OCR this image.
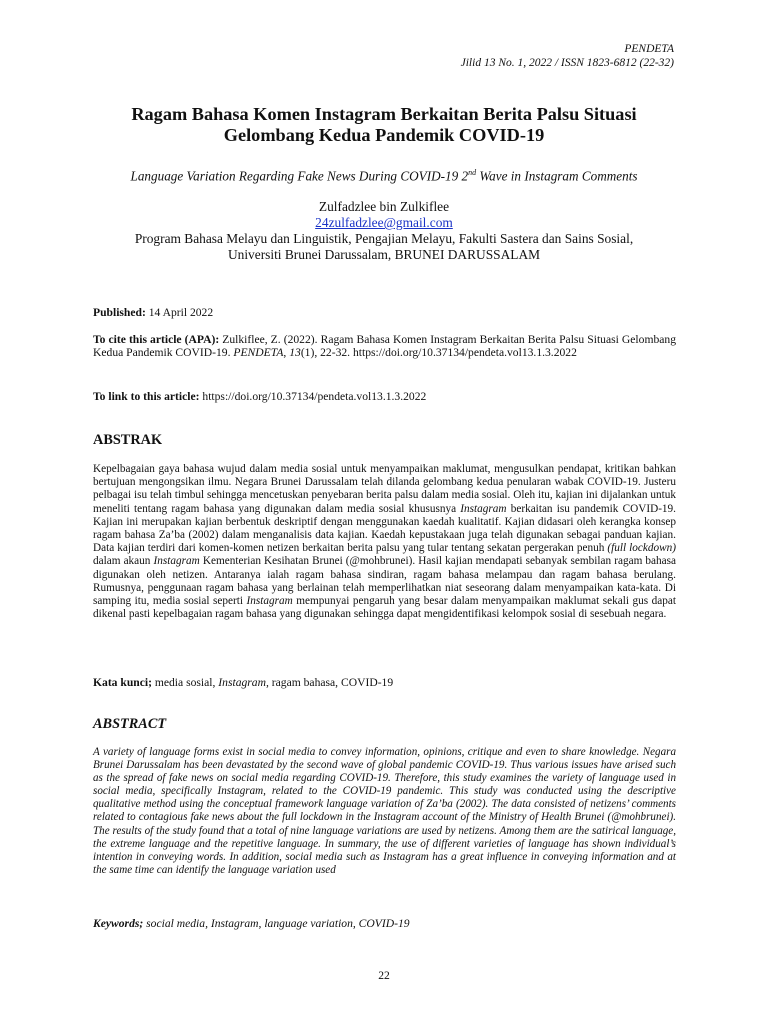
PENDETA
Jilid 13 No. 1, 2022 / ISSN 1823-6812 (22-32)
Ragam Bahasa Komen Instagram Berkaitan Berita Palsu Situasi
Gelombang Kedua Pandemik COVID-19

Language Variation Regarding Fake News During COVID-19 2nd Wave in Instagram Comments

Zulfadzlee bin Zulkiflee
24zulfadzlee@gmail.com
Program Bahasa Melayu dan Linguistik, Pengajian Melayu, Fakulti Sastera dan Sains Sosial,
Universiti Brunei Darussalam, BRUNEI DARUSSALAM
Published: 14 April 2022
To cite this article (APA): Zulkiflee, Z. (2022). Ragam Bahasa Komen Instagram Berkaitan Berita Palsu Situasi Gelombang Kedua Pandemik COVID-19. PENDETA, 13(1), 22-32. https://doi.org/10.37134/pendeta.vol13.1.3.2022
To link to this article: https://doi.org/10.37134/pendeta.vol13.1.3.2022
ABSTRAK

Kepelbagaian gaya bahasa wujud dalam media sosial untuk menyampaikan maklumat, mengusulkan pendapat, kritikan bahkan bertujuan mengongsikan ilmu. Negara Brunei Darussalam telah dilanda gelombang kedua penularan wabak COVID-19. Justeru pelbagai isu telah timbul sehingga mencetuskan penyebaran berita palsu dalam media sosial. Oleh itu, kajian ini dijalankan untuk meneliti tentang ragam bahasa yang digunakan dalam media sosial khususnya Instagram berkaitan isu pandemik COVID-19. Kajian ini merupakan kajian berbentuk deskriptif dengan menggunakan kaedah kualitatif. Kajian didasari oleh kerangka konsep ragam bahasa Za’ba (2002) dalam menganalisis data kajian. Kaedah kepustakaan juga telah digunakan sebagai panduan kajian. Data kajian terdiri dari komen-komen netizen berkaitan berita palsu yang tular tentang sekatan pergerakan penuh (full lockdown) dalam akaun Instagram Kementerian Kesihatan Brunei (@mohbrunei). Hasil kajian mendapati sebanyak sembilan ragam bahasa digunakan oleh netizen. Antaranya ialah ragam bahasa sindiran, ragam bahasa melampau dan ragam bahasa berulang. Rumusnya, penggunaan ragam bahasa yang berlainan telah memperlihatkan niat seseorang dalam menyampaikan kata-kata. Di samping itu, media sosial seperti Instagram mempunyai pengaruh yang besar dalam menyampaikan maklumat sekali gus dapat dikenal pasti kepelbagaian ragam bahasa yang digunakan sehingga dapat mengidentifikasi kelompok sosial di sesebuah negara.

Kata kunci; media sosial, Instagram, ragam bahasa, COVID-19
ABSTRACT

A variety of language forms exist in social media to convey information, opinions, critique and even to share knowledge. Negara Brunei Darussalam has been devastated by the second wave of global pandemic COVID-19. Thus various issues have arised such as the spread of fake news on social media regarding COVID-19. Therefore, this study examines the variety of language used in social media, specifically Instagram, related to the COVID-19 pandemic. This study was conducted using the descriptive qualitative method using the conceptual framework language variation of Za’ba (2002). The data consisted of netizens’ comments related to contagious fake news about the full lockdown in the Instagram account of the Ministry of Health Brunei (@mohbrunei). The results of the study found that a total of nine language variations are used by netizens. Among them are the satirical language, the extreme language and the repetitive language. In summary, the use of different varieties of language has shown individual’s intention in conveying words. In addition, social media such as Instagram has a great influence in conveying information and at the same time can identify the language variation used

Keywords; social media, Instagram, language variation, COVID-19
22
